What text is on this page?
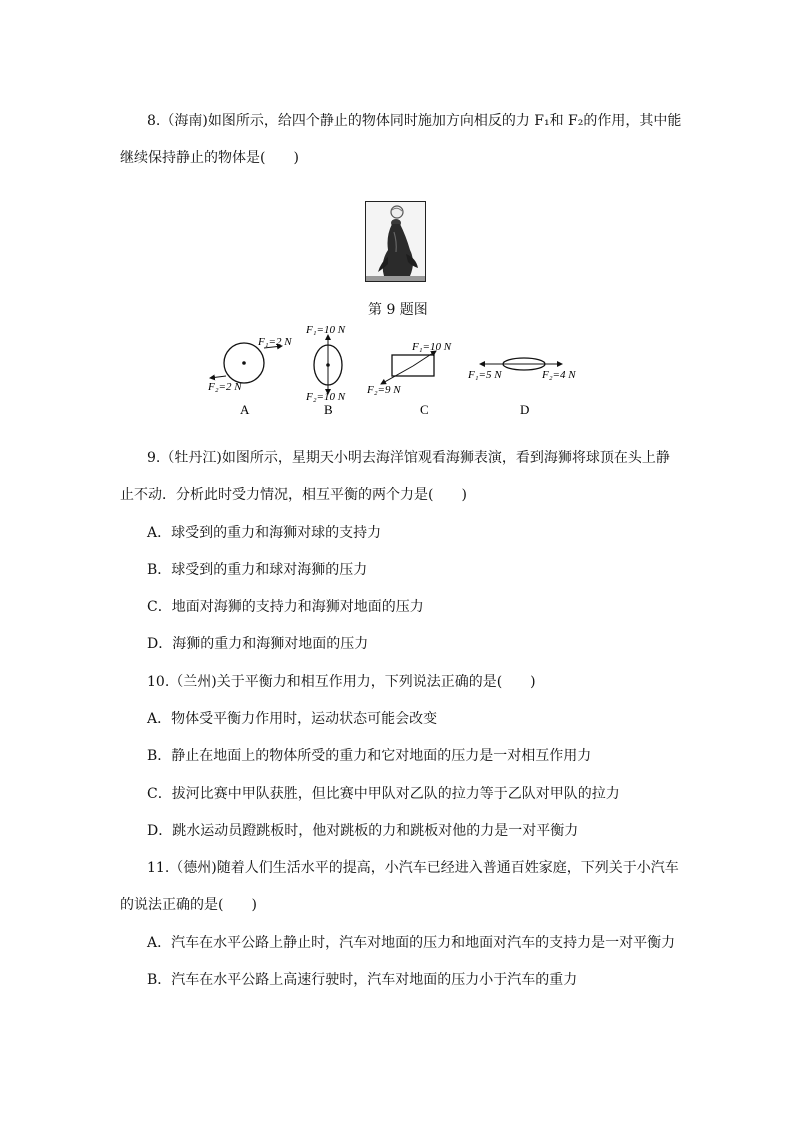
8.（海南)如图所示，给四个静止的物体同时施加方向相反的力 F₁和 F₂的作用，其中能
继续保持静止的物体是(　　)
第 9 题图
F₁=2 N
F₂=2 N
A
F₁=10 N
F₂=10 N
B
F₁=10 N
F₂=9 N
C
F₁=5 N	F₂=4 N
D
9.（牡丹江)如图所示，星期天小明去海洋馆观看海狮表演，看到海狮将球顶在头上静
止不动．分析此时受力情况，相互平衡的两个力是(　　)
A．球受到的重力和海狮对球的支持力
B．球受到的重力和球对海狮的压力
C．地面对海狮的支持力和海狮对地面的压力
D．海狮的重力和海狮对地面的压力
10.（兰州)关于平衡力和相互作用力，下列说法正确的是(　　)
A．物体受平衡力作用时，运动状态可能会改变
B．静止在地面上的物体所受的重力和它对地面的压力是一对相互作用力
C．拔河比赛中甲队获胜，但比赛中甲队对乙队的拉力等于乙队对甲队的拉力
D．跳水运动员蹬跳板时，他对跳板的力和跳板对他的力是一对平衡力
11.（德州)随着人们生活水平的提高，小汽车已经进入普通百姓家庭，下列关于小汽车
的说法正确的是(　　)
A．汽车在水平公路上静止时，汽车对地面的压力和地面对汽车的支持力是一对平衡力
B．汽车在水平公路上高速行驶时，汽车对地面的压力小于汽车的重力
